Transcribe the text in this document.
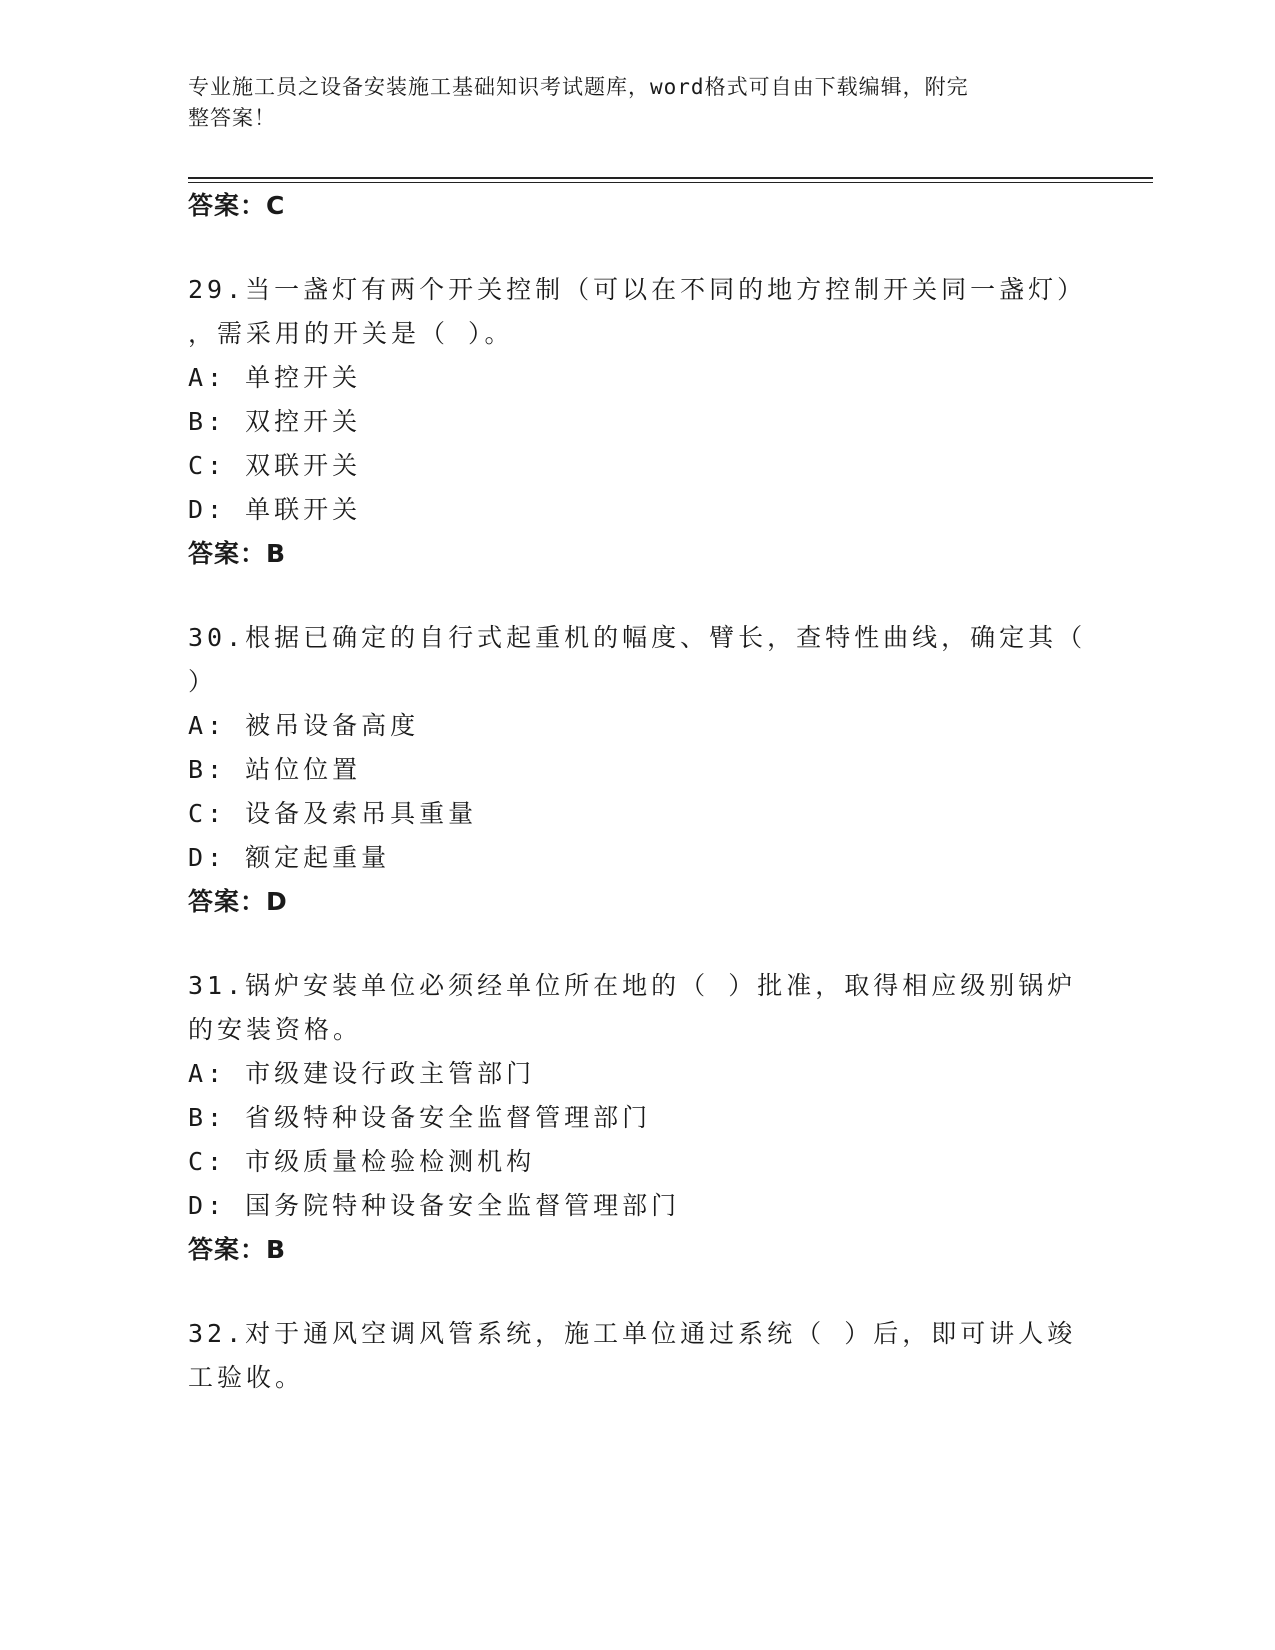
专业施工员之设备安装施工基础知识考试题库，word格式可自由下载编辑，附完
整答案！
答案：C
29.当一盏灯有两个开关控制（可以在不同的地方控制开关同一盏灯）
，需采用的开关是（ ）。
A: 单控开关
B: 双控开关
C: 双联开关
D: 单联开关
答案：B
30.根据已确定的自行式起重机的幅度、臂长，查特性曲线，确定其（
）
A: 被吊设备高度
B: 站位位置
C: 设备及索吊具重量
D: 额定起重量
答案：D
31.锅炉安装单位必须经单位所在地的（ ）批准，取得相应级别锅炉
的安装资格。
A: 市级建设行政主管部门
B: 省级特种设备安全监督管理部门
C: 市级质量检验检测机构
D: 国务院特种设备安全监督管理部门
答案：B
32.对于通风空调风管系统，施工单位通过系统（ ）后，即可讲人竣
工验收。
